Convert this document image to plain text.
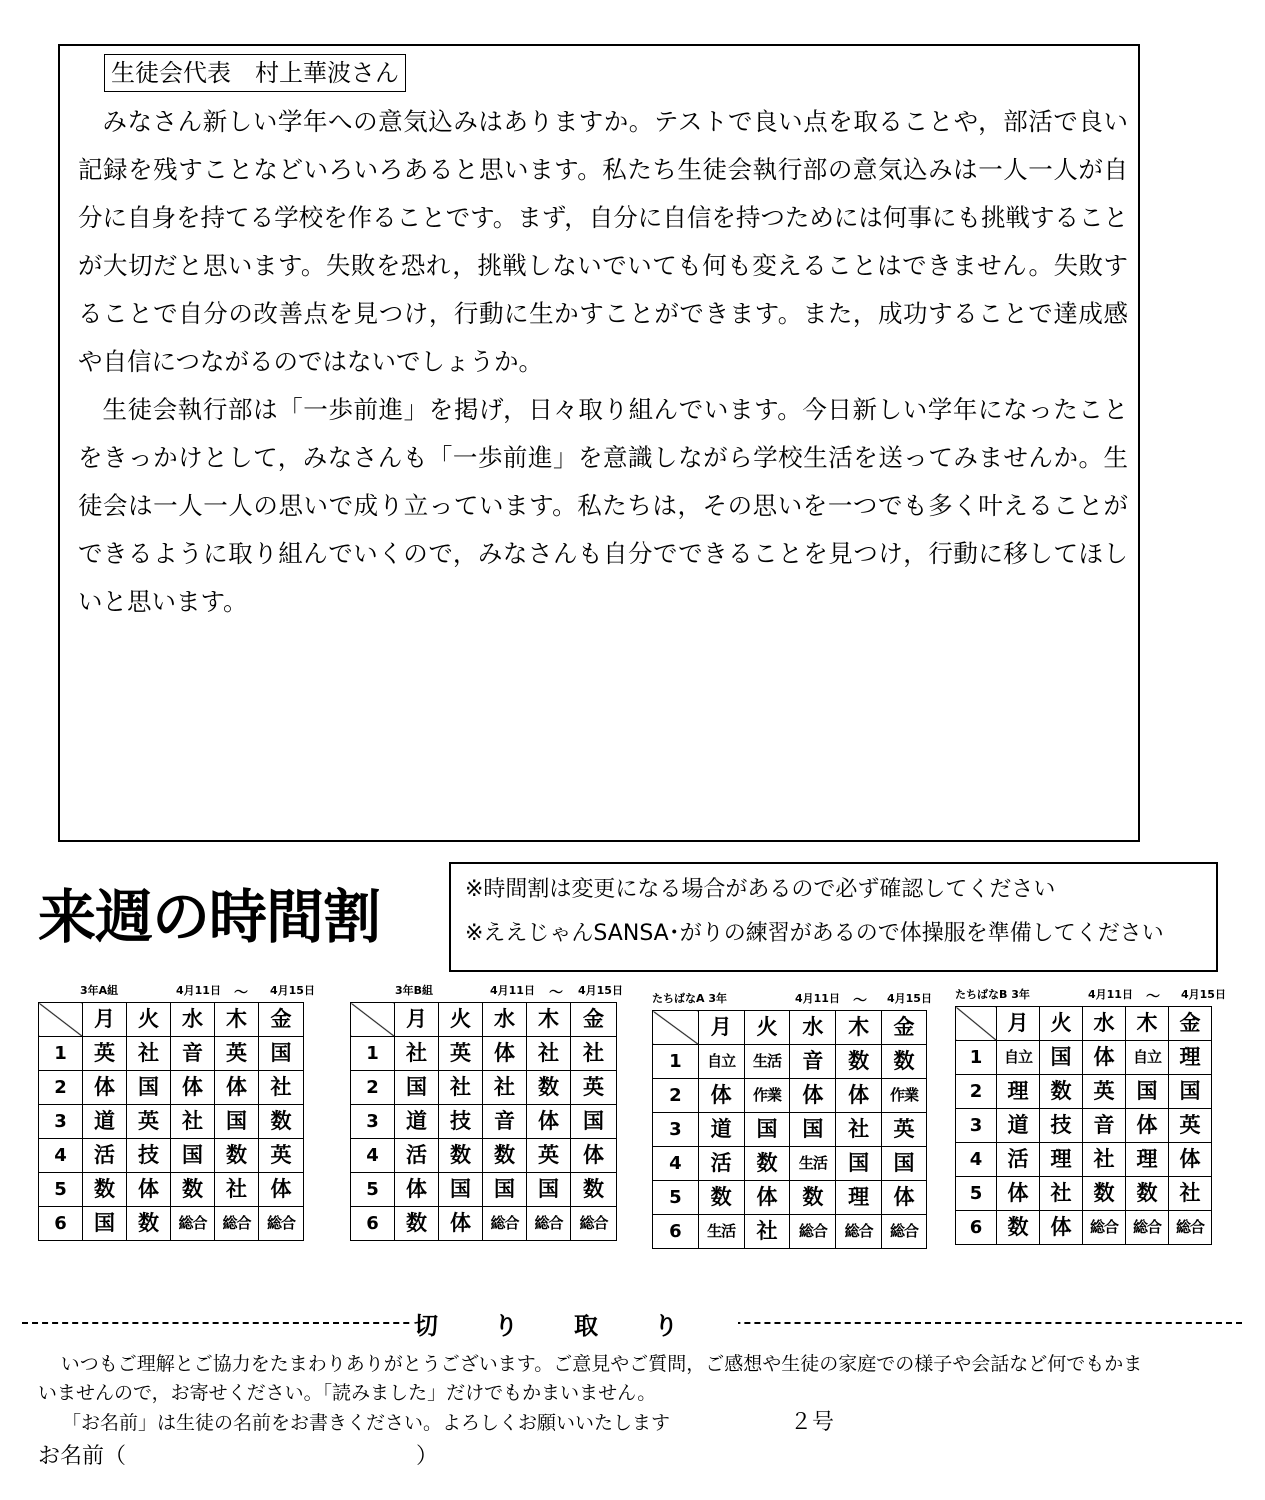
生徒会代表　村上華波さん

みなさん新しい学年への意気込みはありますか。テストで良い点を取ることや，部活で良い記録を残すことなどいろいろあると思います。私たち生徒会執行部の意気込みは一人一人が自分に自身を持てる学校を作ることです。まず，自分に自信を持つためには何事にも挑戦することが大切だと思います。失敗を恐れ，挑戦しないでいても何も変えることはできません。失敗することで自分の改善点を見つけ，行動に生かすことができます。また，成功することで達成感や自信につながるのではないでしょうか。

生徒会執行部は「一歩前進」を掲げ，日々取り組んでいます。今日新しい学年になったことをきっかけとして，みなさんも「一歩前進」を意識しながら学校生活を送ってみませんか。生徒会は一人一人の思いで成り立っています。私たちは，その思いを一つでも多く叶えることができるように取り組んでいくので，みなさんも自分でできることを見つけ，行動に移してほしいと思います。

来週の時間割	※時間割は変更になる場合があるので必ず確認してください
※ええじゃんSANSA･がりの練習があるので体操服を準備してください
3年A組	4月11日 ～ 4月15日
	月	火	水	木	金
1	英	社	音	英	国
2	体	国	体	体	社
3	道	英	社	国	数
4	活	技	国	数	英
5	数	体	数	社	体
6	国	数	総合	総合	総合
3年B組	4月11日 ～ 4月15日
	月	火	水	木	金
1	社	英	体	社	社
2	国	社	社	数	英
3	道	技	音	体	国
4	活	数	数	英	体
5	体	国	国	国	数
6	数	体	総合	総合	総合
たちばなA 3年	4月11日 ～ 4月15日
	月	火	水	木	金
1	自立	生活	音	数	数
2	体	作業	体	体	作業
3	道	国	国	社	英
4	活	数	生活	国	国
5	数	体	数	理	体
6	生活	社	総合	総合	総合
たちばなB 3年	4月11日 ～ 4月15日
	月	火	水	木	金
1	自立	国	体	自立	理
2	理	数	英	国	国
3	道	技	音	体	英
4	活	理	社	理	体
5	体	社	数	数	社
6	数	体	総合	総合	総合
切り取り
いつもご理解とご協力をたまわりありがとうございます。ご意見やご質問，ご感想や生徒の家庭での様子や会話など何でもかまいませんので，お寄せください。「読みました」だけでもかまいません。
「お名前」は生徒の名前をお書きください。よろしくお願いいたします	２号
お名前（	）
